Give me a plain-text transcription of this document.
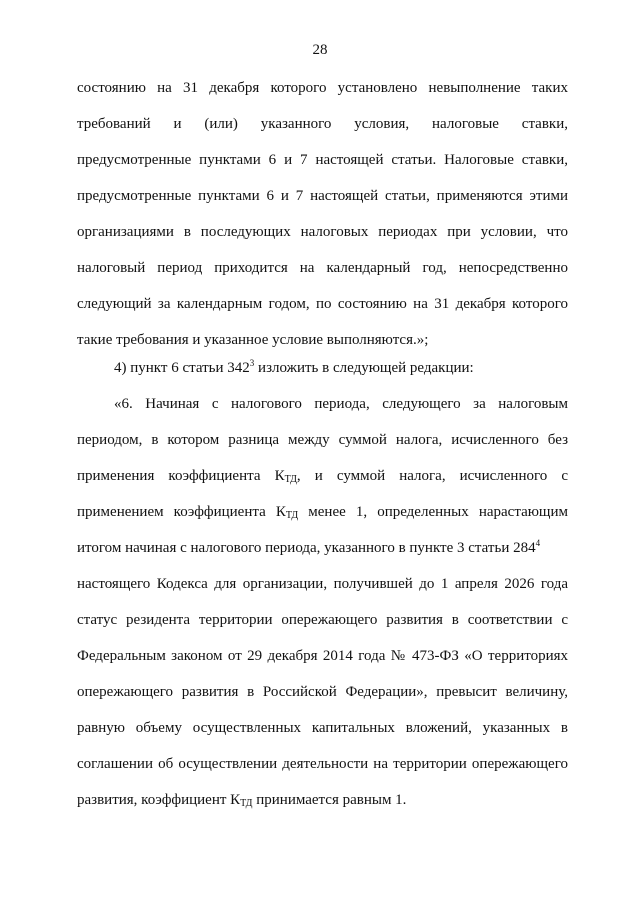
28
состоянию на 31 декабря которого установлено невыполнение таких
требований и (или) указанного условия, налоговые ставки,
предусмотренные пунктами 6 и 7 настоящей статьи. Налоговые ставки,
предусмотренные пунктами 6 и 7 настоящей статьи, применяются этими
организациями в последующих налоговых периодах при условии, что
налоговый период приходится на календарный год, непосредственно
следующий за календарным годом, по состоянию на 31 декабря которого
такие требования и указанное условие выполняются.»;
4) пункт 6 статьи $342^3$ изложить в следующей редакции:
«6. Начиная с налогового периода, следующего за налоговым
периодом, в котором разница между суммой налога, исчисленного без
применения коэффициента $К_{ТД}$, и суммой налога, исчисленного с
применением коэффициента $К_{ТД}$ менее 1, определенных нарастающим
итогом начиная с налогового периода, указанного в пункте 3 статьи $284^4$
настоящего Кодекса для организации, получившей до 1 апреля 2026 года
статус резидента территории опережающего развития в соответствии с
Федеральным законом от 29 декабря 2014 года № 473-ФЗ «О территориях
опережающего развития в Российской Федерации», превысит величину,
равную объему осуществленных капитальных вложений, указанных в
соглашении об осуществлении деятельности на территории опережающего
развития, коэффициент $К_{ТД}$ принимается равным 1.
